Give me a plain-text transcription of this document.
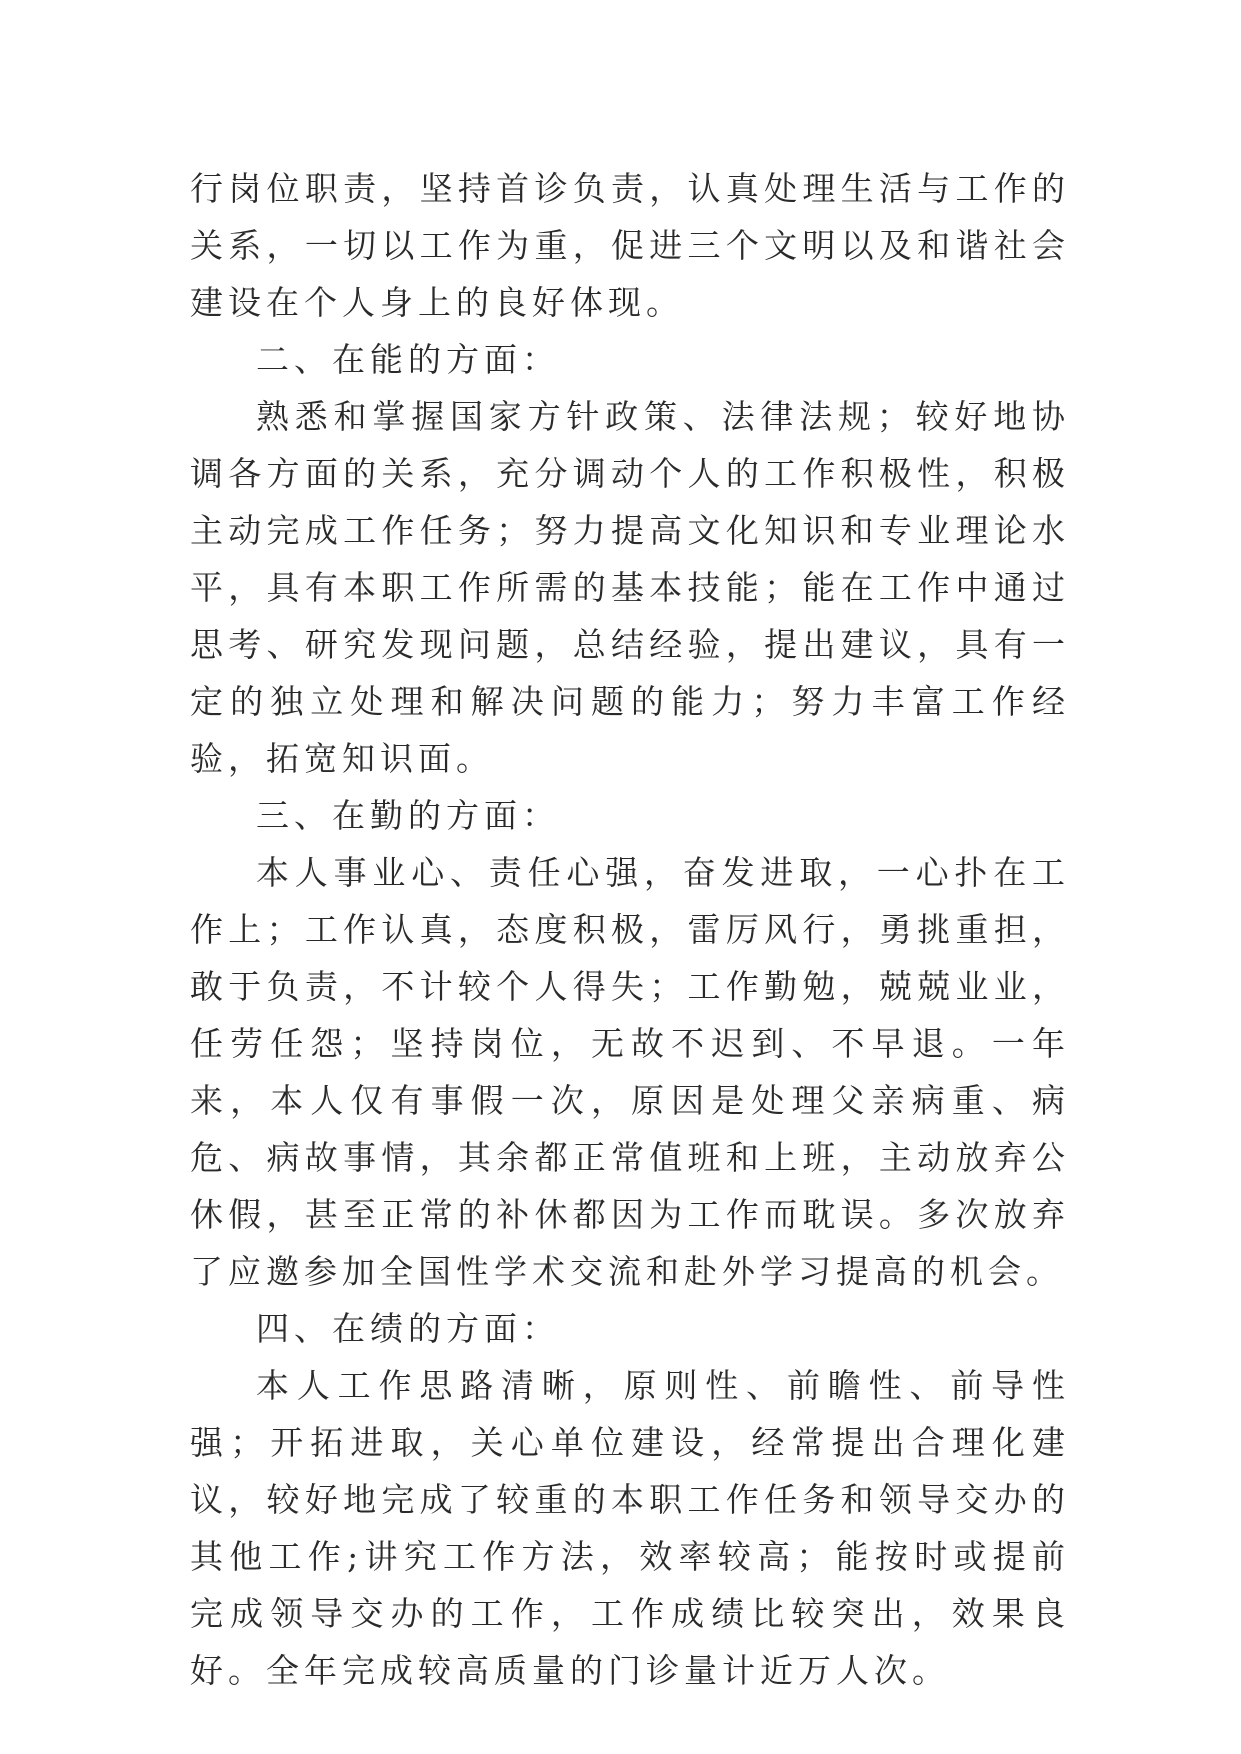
行岗位职责，坚持首诊负责，认真处理生活与工作的关系，一切以工作为重，促进三个文明以及和谐社会建设在个人身上的良好体现。

二、在能的方面：

熟悉和掌握国家方针政策、法律法规；较好地协调各方面的关系，充分调动个人的工作积极性，积极主动完成工作任务；努力提高文化知识和专业理论水平，具有本职工作所需的基本技能；能在工作中通过思考、研究发现问题，总结经验，提出建议，具有一定的独立处理和解决问题的能力；努力丰富工作经验，拓宽知识面。

三、在勤的方面：

本人事业心、责任心强，奋发进取，一心扑在工作上；工作认真，态度积极，雷厉风行，勇挑重担，敢于负责，不计较个人得失；工作勤勉，兢兢业业，任劳任怨；坚持岗位，无故不迟到、不早退。一年来，本人仅有事假一次，原因是处理父亲病重、病危、病故事情，其余都正常值班和上班，主动放弃公休假，甚至正常的补休都因为工作而耽误。多次放弃了应邀参加全国性学术交流和赴外学习提高的机会。

四、在绩的方面：

本人工作思路清晰，原则性、前瞻性、前导性强；开拓进取，关心单位建设，经常提出合理化建议，较好地完成了较重的本职工作任务和领导交办的其他工作;讲究工作方法，效率较高；能按时或提前完成领导交办的工作，工作成绩比较突出，效果良好。全年完成较高质量的门诊量计近万人次。
